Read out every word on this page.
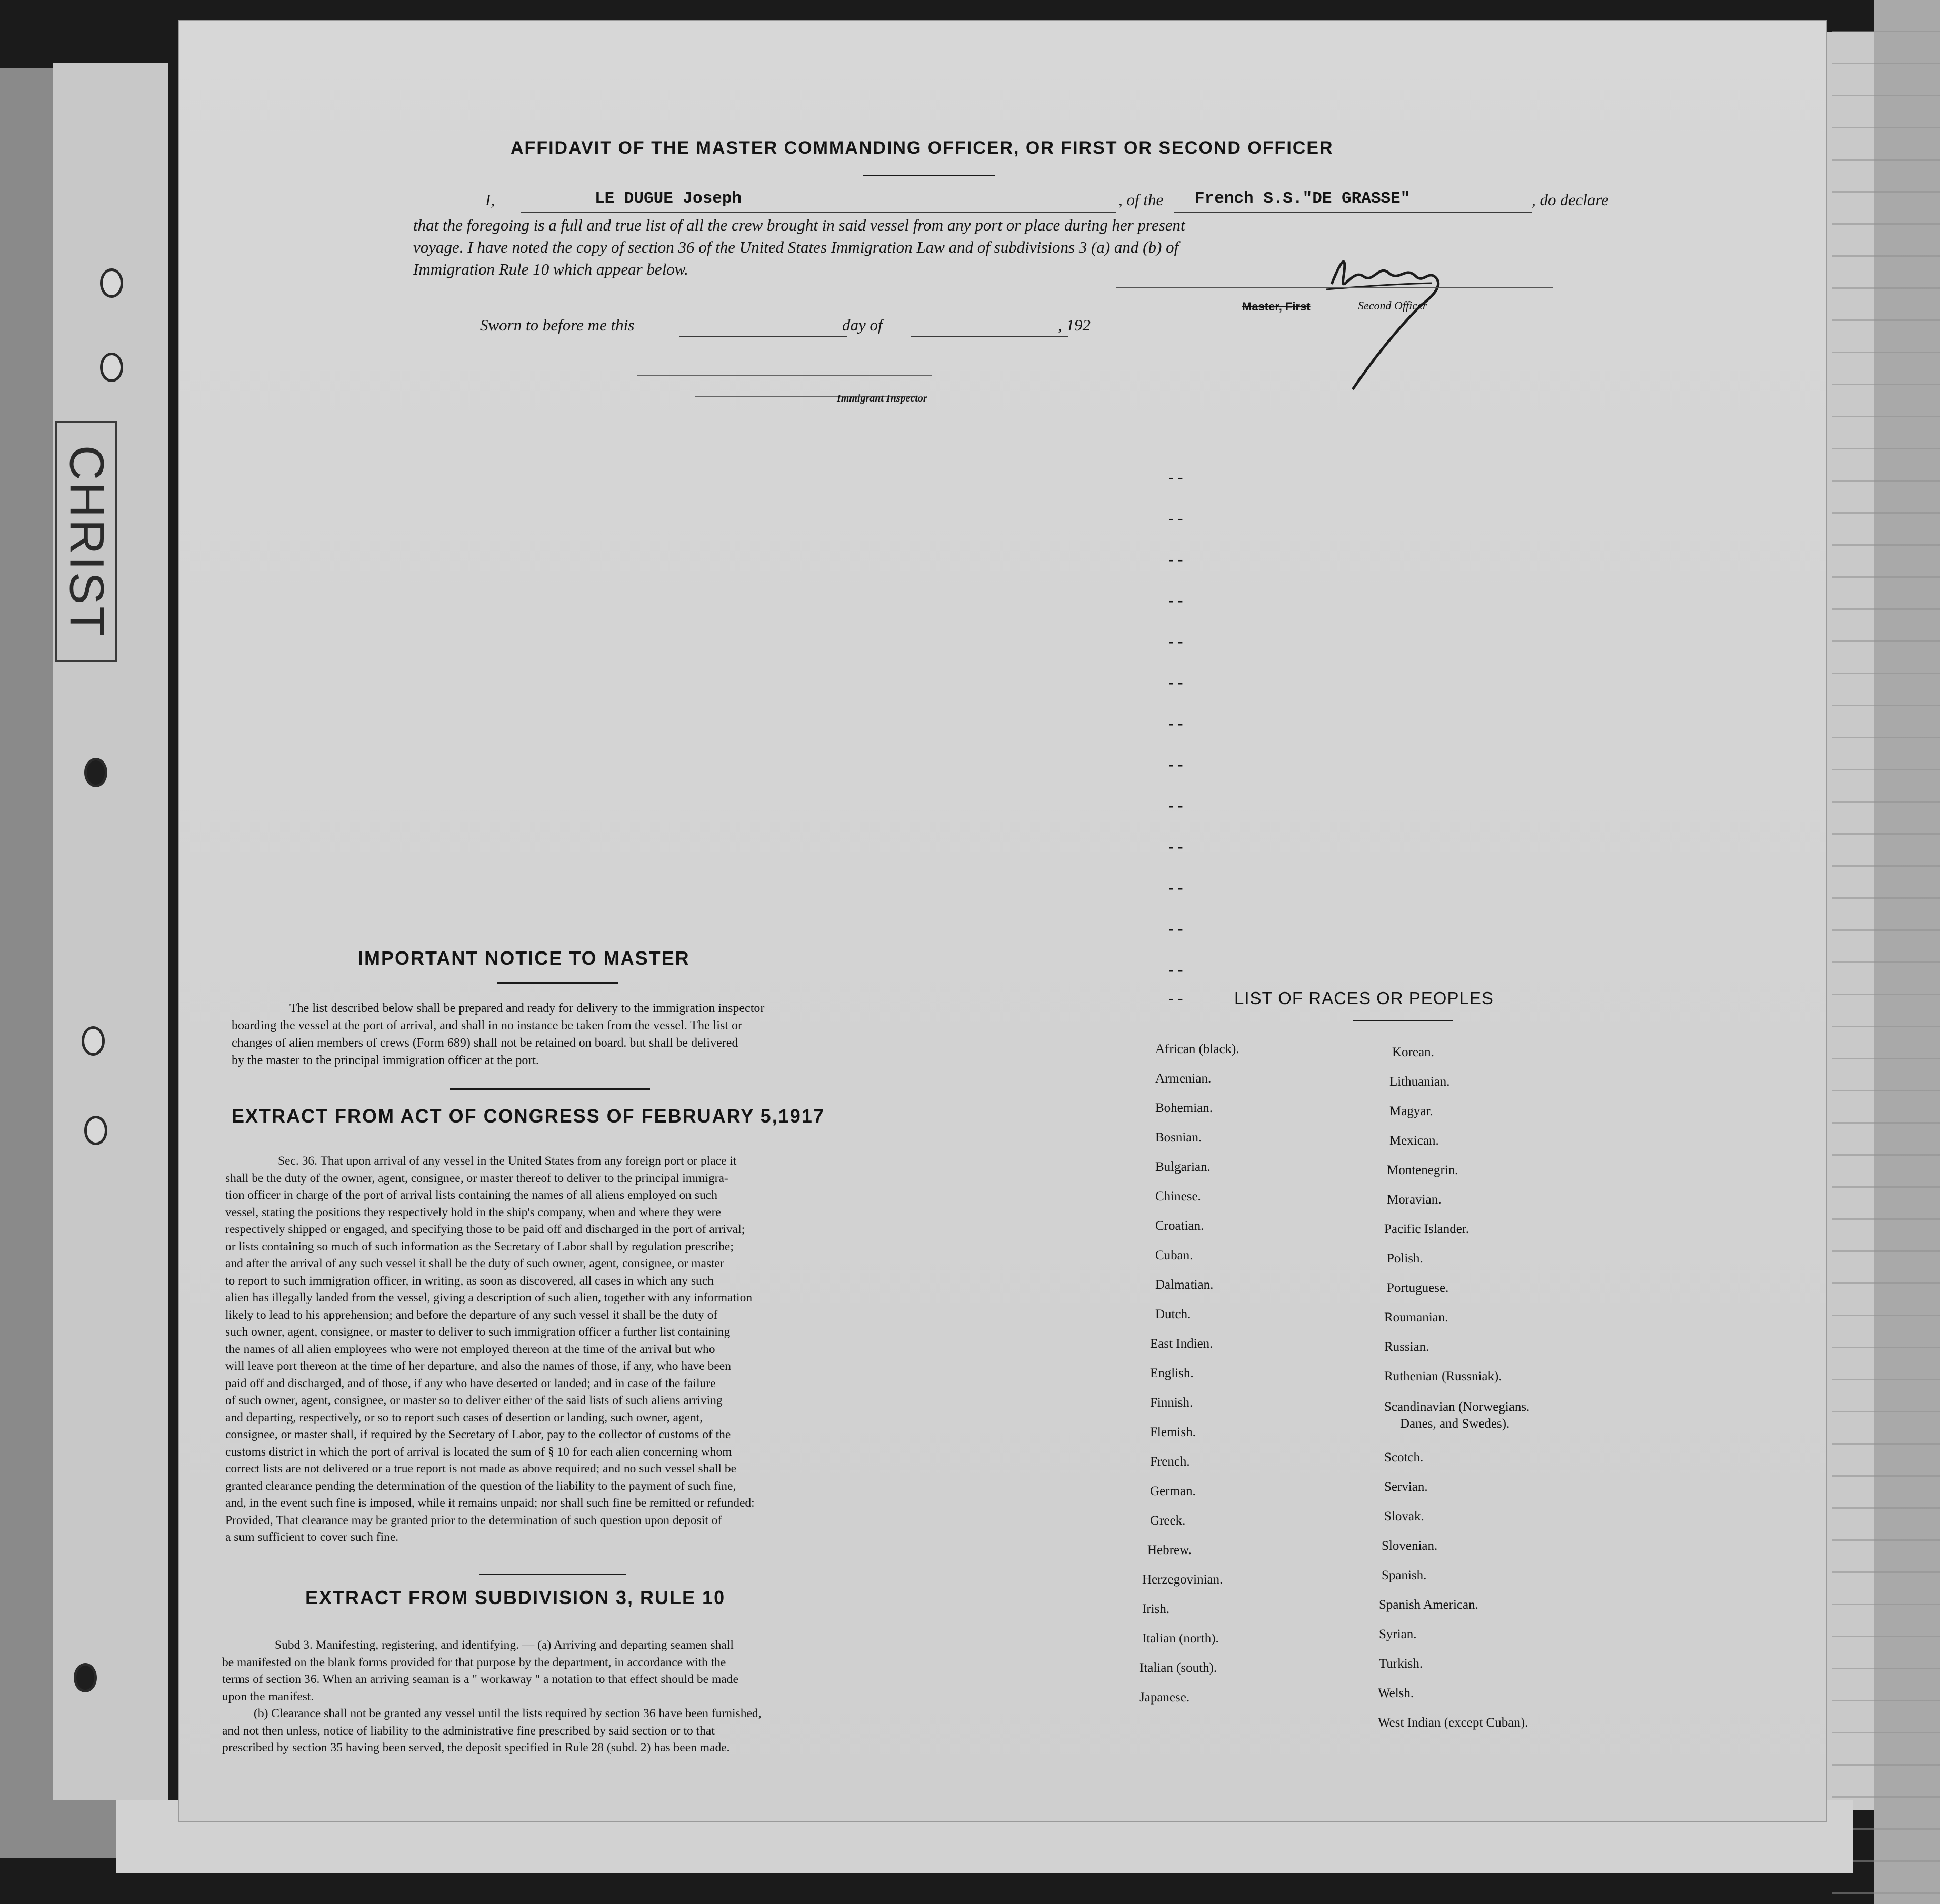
CHRIST
AFFIDAVIT OF THE MASTER COMMANDING OFFICER, OR FIRST OR SECOND OFFICER
I,	LE DUGUE Joseph	, of the French S.S."DE GRASSE"	, do declare
that the foregoing is a full and true list of all the crew brought in said vessel from any port or place during her present
voyage. I have noted the copy of section 36 of the United States Immigration Law and of subdivisions 3 (a) and (b) of
Immigration Rule 10 which appear below.
Master, First	Second Officer
Sworn to before me this	day of	, 192
Immigrant Inspector
- -
- -
- -
- -
- -
- -
- -
- -
- -
- -
- -
- -
- -
- -
IMPORTANT NOTICE TO MASTER
The list described below shall be prepared and ready for delivery to the immigration inspector
boarding the vessel at the port of arrival, and shall in no instance be taken from the vessel. The list or
changes of alien members of crews (Form 689) shall not be retained on board. but shall be delivered
by the master to the principal immigration officer at the port.
EXTRACT FROM ACT OF CONGRESS OF FEBRUARY 5,1917
Sec. 36. That upon arrival of any vessel in the United States from any foreign port or place it
shall be the duty of the owner, agent, consignee, or master thereof to deliver to the principal immigra-
tion officer in charge of the port of arrival lists containing the names of all aliens employed on such
vessel, stating the positions they respectively hold in the ship's company, when and where they were
respectively shipped or engaged, and specifying those to be paid off and discharged in the port of arrival;
or lists containing so much of such information as the Secretary of Labor shall by regulation prescribe;
and after the arrival of any such vessel it shall be the duty of such owner, agent, consignee, or master
to report to such immigration officer, in writing, as soon as discovered, all cases in which any such
alien has illegally landed from the vessel, giving a description of such alien, together with any information
likely to lead to his apprehension; and before the departure of any such vessel it shall be the duty of
such owner, agent, consignee, or master to deliver to such immigration officer a further list containing
the names of all alien employees who were not employed thereon at the time of the arrival but who
will leave port thereon at the time of her departure, and also the names of those, if any, who have been
paid off and discharged, and of those, if any who have deserted or landed; and in case of the failure
of such owner, agent, consignee, or master so to deliver either of the said lists of such aliens arriving
and departing, respectively, or so to report such cases of desertion or landing, such owner, agent,
consignee, or master shall, if required by the Secretary of Labor, pay to the collector of customs of the
customs district in which the port of arrival is located the sum of § 10 for each alien concerning whom
correct lists are not delivered or a true report is not made as above required; and no such vessel shall be
granted clearance pending the determination of the question of the liability to the payment of such fine,
and, in the event such fine is imposed, while it remains unpaid; nor shall such fine be remitted or refunded:
Provided, That clearance may be granted prior to the determination of such question upon deposit of
a sum sufficient to cover such fine.
EXTRACT FROM SUBDIVISION 3, RULE 10
Subd 3. Manifesting, registering, and identifying. — (a) Arriving and departing seamen shall
be manifested on the blank forms provided for that purpose by the department, in accordance with the
terms of section 36. When an arriving seaman is a " workaway " a notation to that effect should be made
upon the manifest.
(b) Clearance shall not be granted any vessel until the lists required by section 36 have been furnished,
and not then unless, notice of liability to the administrative fine prescribed by said section or to that
prescribed by section 35 having been served, the deposit specified in Rule 28 (subd. 2) has been made.
LIST OF RACES OR PEOPLES
African (black).
Armenian.
Bohemian.
Bosnian.
Bulgarian.
Chinese.
Croatian.
Cuban.
Dalmatian.
Dutch.
East Indien.
English.
Finnish.
Flemish.
French.
German.
Greek.
Hebrew.
Herzegovinian.
Irish.
Italian (north).
Italian (south).
Japanese.
Korean.
Lithuanian.
Magyar.
Mexican.
Montenegrin.
Moravian.
Pacific Islander.
Polish.
Portuguese.
Roumanian.
Russian.
Ruthenian (Russniak).
Scandinavian (Norwegians.
Danes, and Swedes).
Scotch.
Servian.
Slovak.
Slovenian.
Spanish.
Spanish American.
Syrian.
Turkish.
Welsh.
West Indian (except Cuban).
